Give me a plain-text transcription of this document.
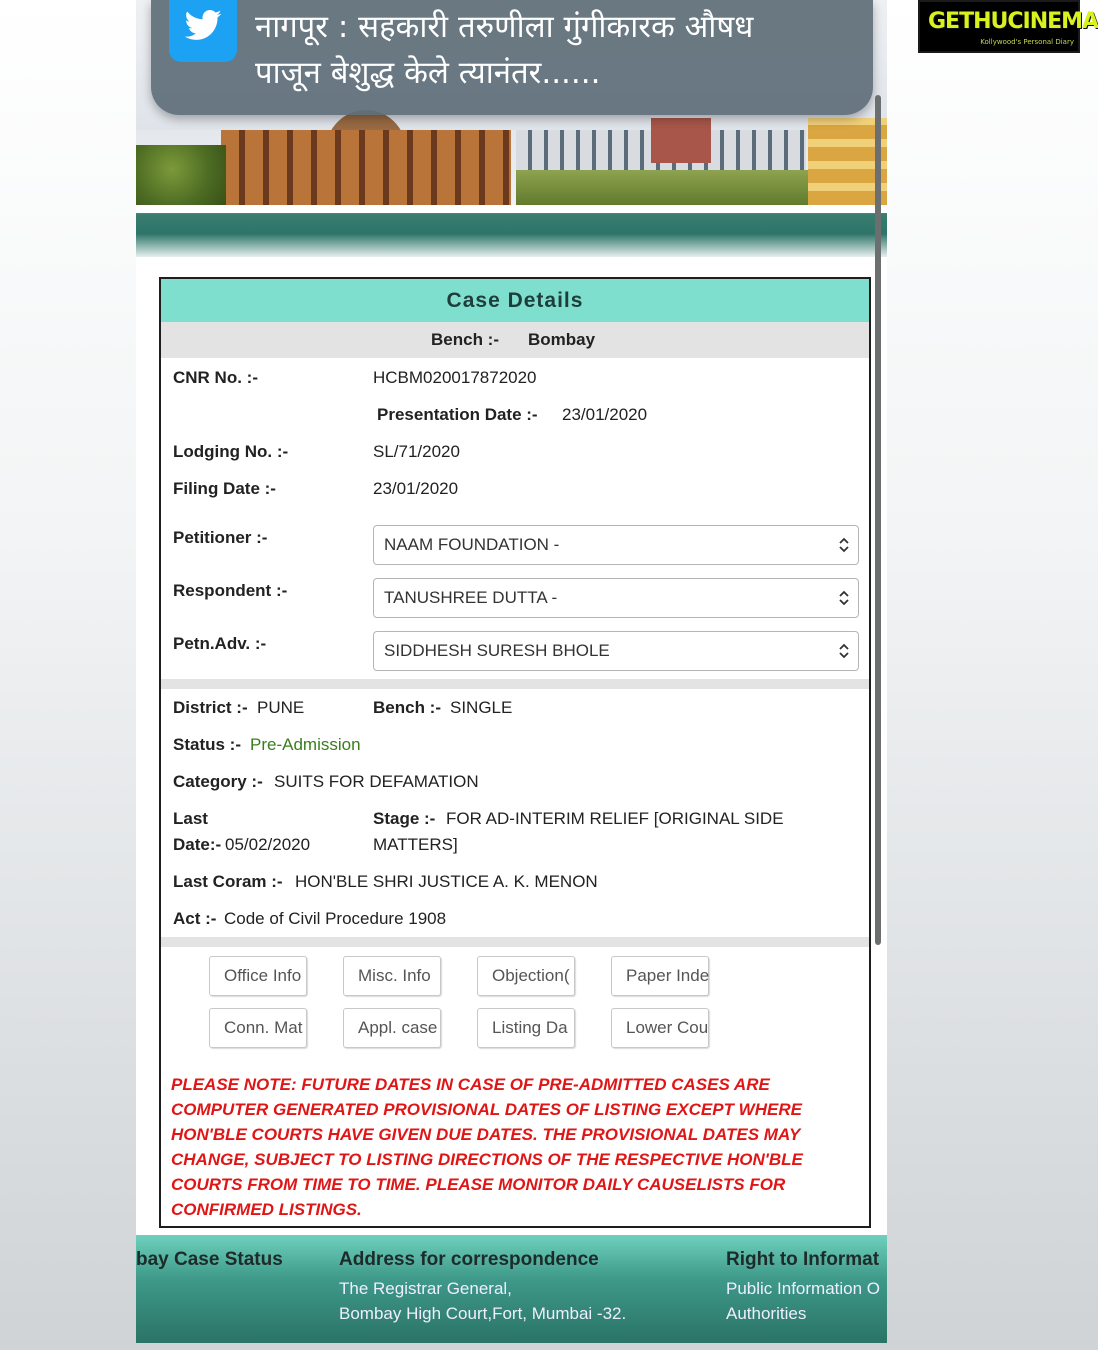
GETHUCINEMA
Kollywood's Personal Diary
नागपूर : सहकारी तरुणीला गुंगीकारक औषध
पाजून बेशुद्ध केले त्यानंतर......
Case Details
Bench :- Bombay
CNR No. :-	HCBM020017872020
Presentation Date :- 23/01/2020
Lodging No. :-	SL/71/2020
Filing Date :-	23/01/2020
Petitioner :-	NAAM FOUNDATION -
Respondent :-	TANUSHREE DUTTA -
Petn.Adv. :-	SIDDHESH SURESH BHOLE
District :- PUNE	Bench :- SINGLE
Status :- Pre-Admission
Category :- SUITS FOR DEFAMATION
Last
Date:- 05/02/2020
Stage :- FOR AD-INTERIM RELIEF [ORIGINAL SIDE
MATTERS]
Last Coram :- HON'BLE SHRI JUSTICE A. K. MENON
Act :- Code of Civil Procedure 1908
Office Info	Misc. Info	Objection(	Paper Inde
Conn. Mat	Appl. case	Listing Da	Lower Cou
PLEASE NOTE: FUTURE DATES IN CASE OF PRE-ADMITTED CASES ARE COMPUTER GENERATED PROVISIONAL DATES OF LISTING EXCEPT WHERE HON'BLE COURTS HAVE GIVEN DUE DATES. THE PROVISIONAL DATES MAY CHANGE, SUBJECT TO LISTING DIRECTIONS OF THE RESPECTIVE HON'BLE COURTS FROM TIME TO TIME. PLEASE MONITOR DAILY CAUSELISTS FOR CONFIRMED LISTINGS.
bay Case Status	Address for correspondence
The Registrar General,
Bombay High Court,Fort, Mumbai -32.
Right to Informat
Public Information O
Authorities
